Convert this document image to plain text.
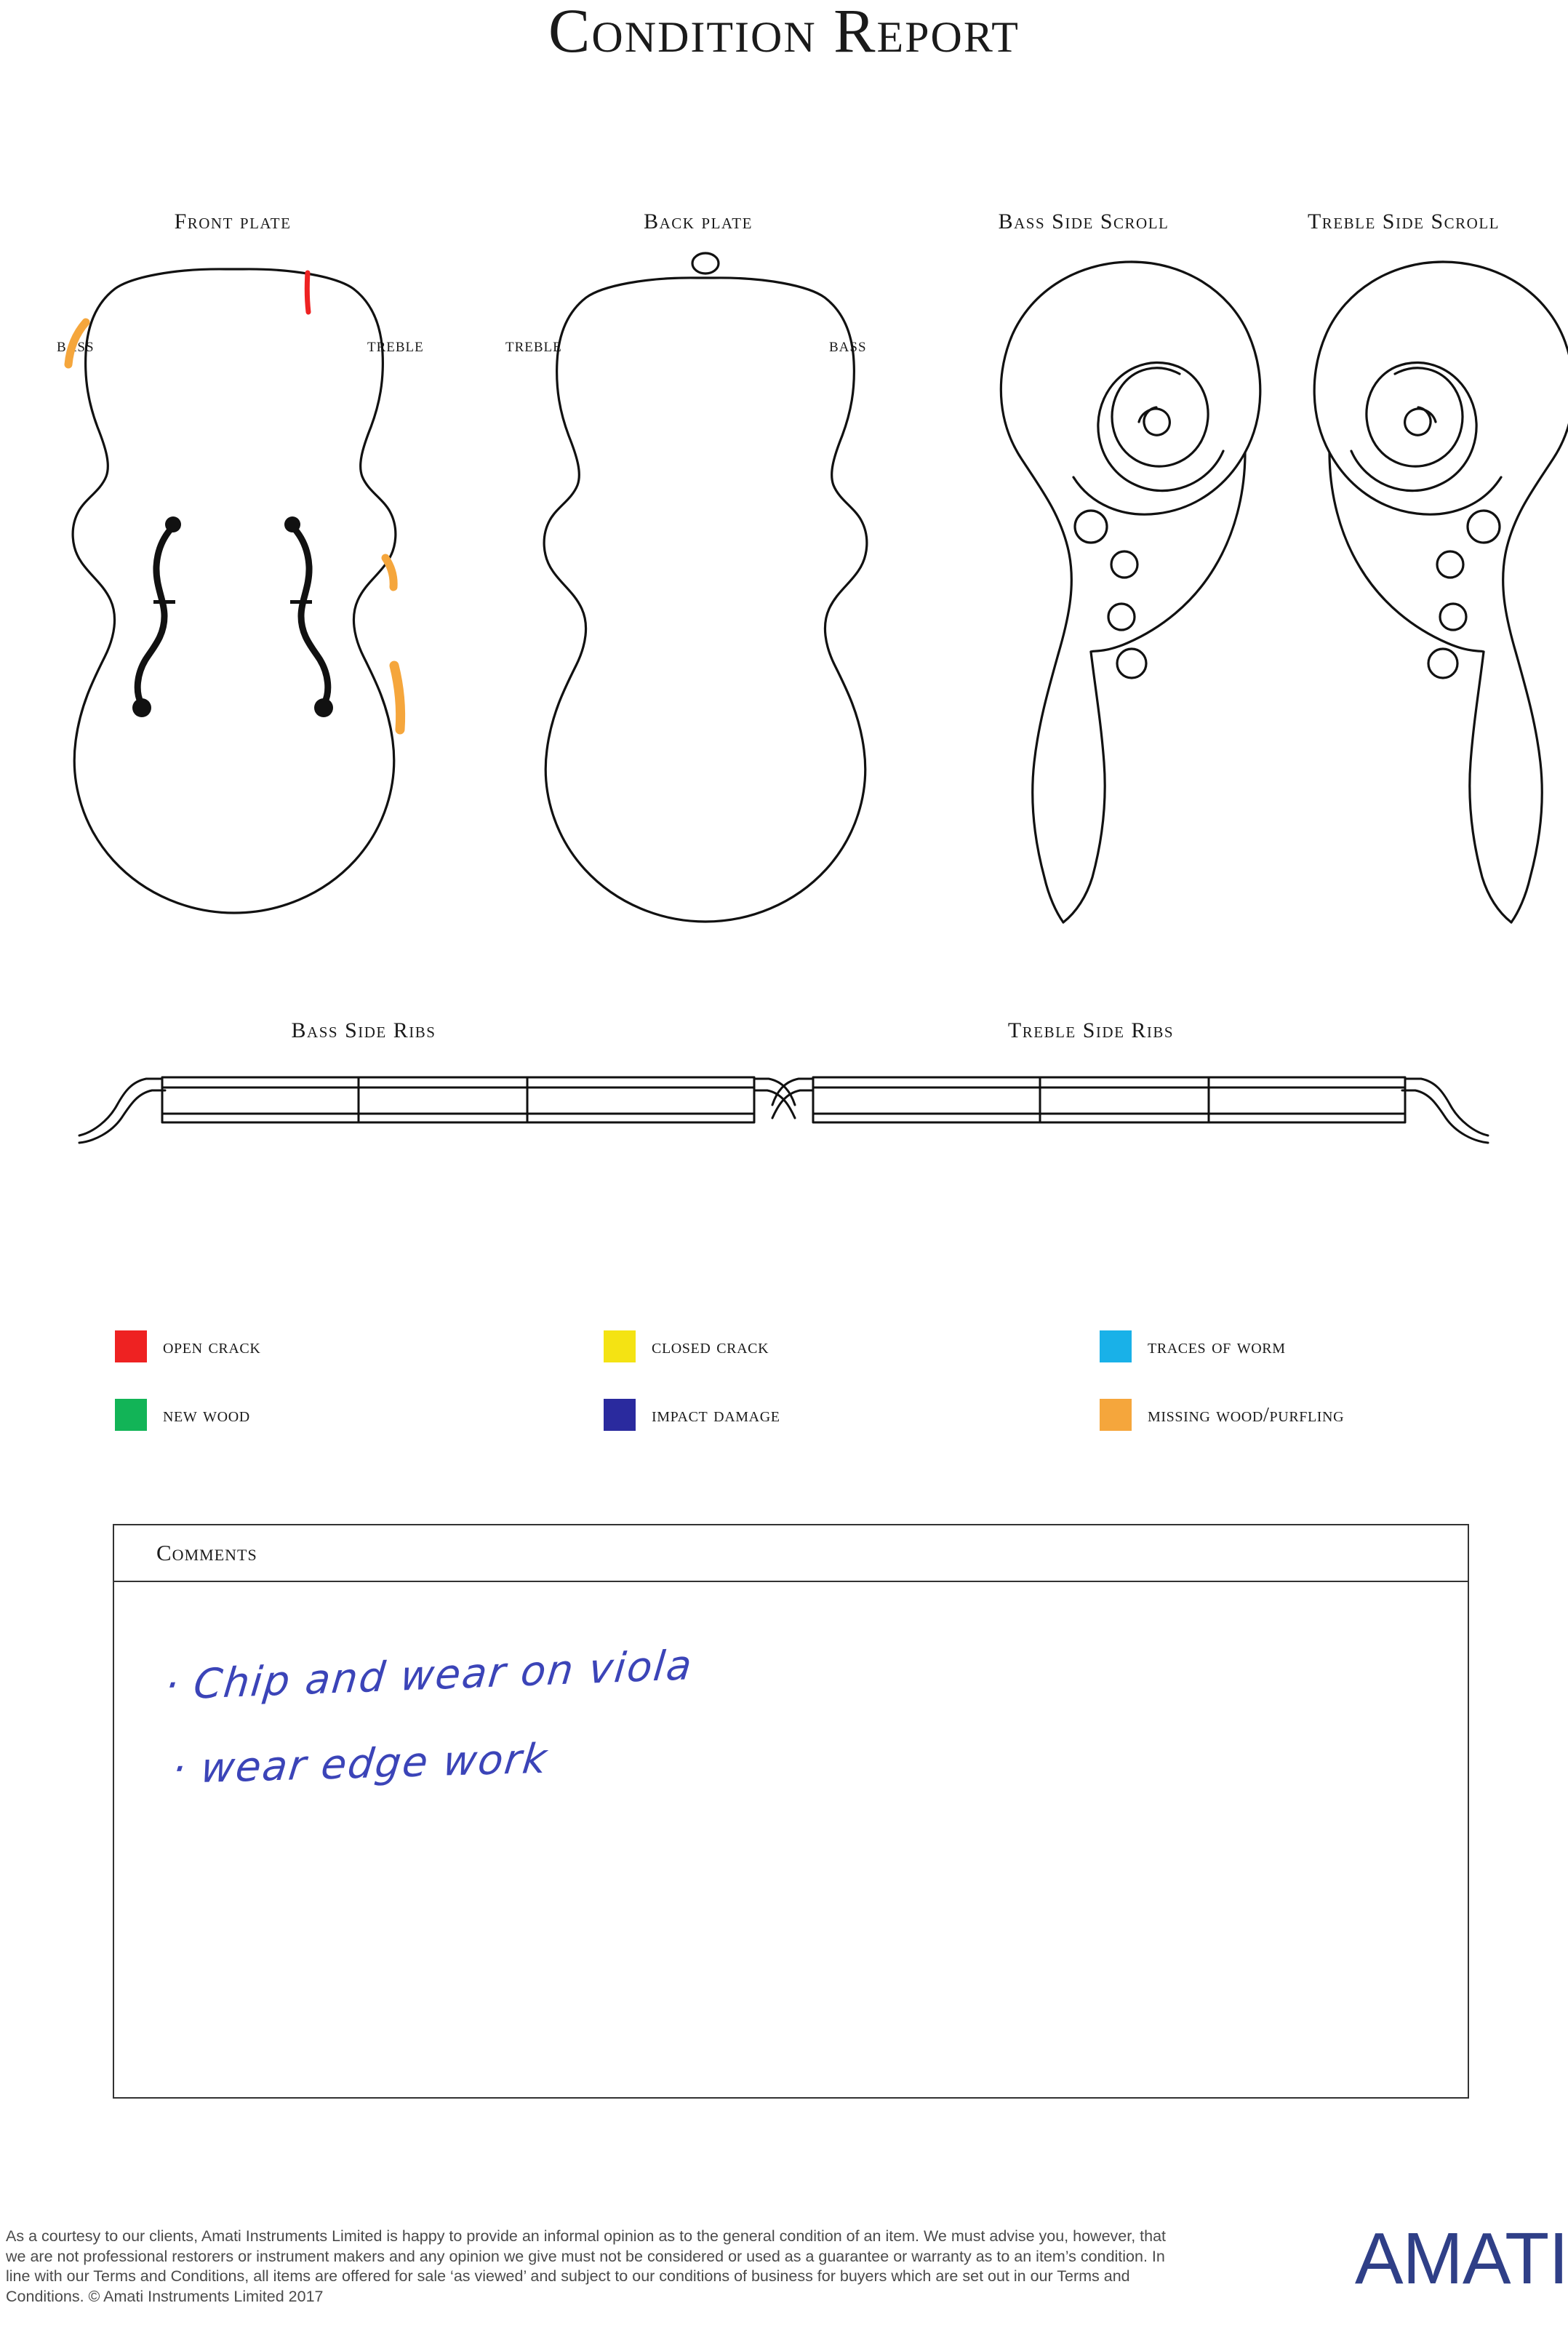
Condition Report
Front plate	Back plate	Bass Side Scroll	Treble Side Scroll
BASS	TREBLE	TREBLE	BASS
Bass Side Ribs	Treble Side Ribs
open crack	closed crack	traces of worm
new wood	impact damage	missing wood/purfling
Comments
· Chip and wear on viola
· wear edge work
As a courtesy to our clients, Amati Instruments Limited is happy to provide an informal opinion as to the general condition of an item. We must advise you, however, that we are not professional restorers or instrument makers and any opinion we give must not be considered or used as a guarantee or warranty as to an item’s condition. In line with our Terms and Conditions, all items are offered for sale ‘as viewed’ and subject to our conditions of business for buyers which are set out in our Terms and Conditions. © Amati Instruments Limited 2017	AMATI
